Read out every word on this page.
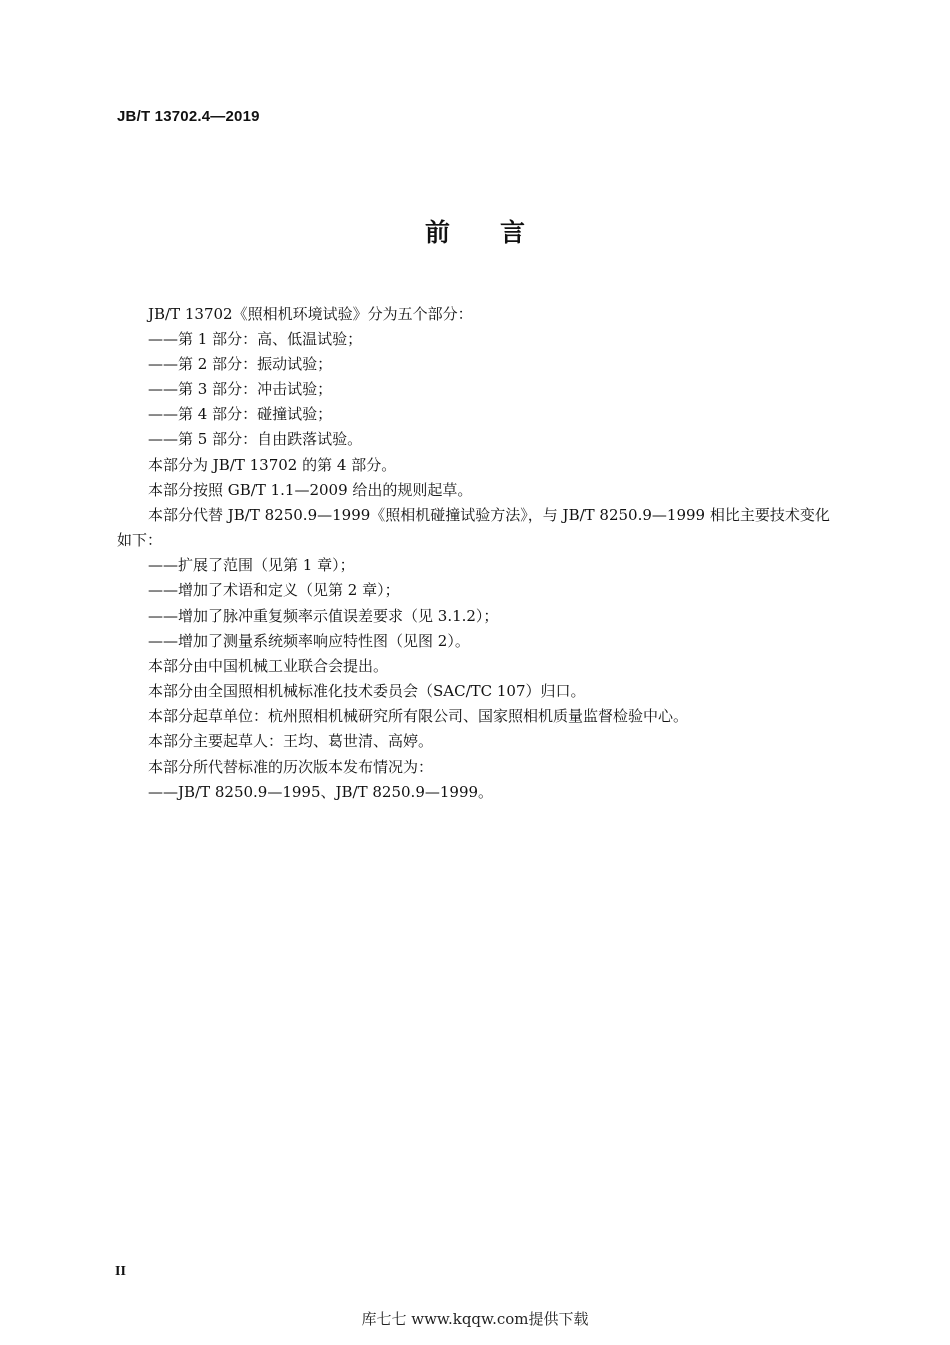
JB/T 13702.4—2019
前 言
JB/T 13702《照相机环境试验》分为五个部分：
——第 1 部分：高、低温试验；
——第 2 部分：振动试验；
——第 3 部分：冲击试验；
——第 4 部分：碰撞试验；
——第 5 部分：自由跌落试验。
本部分为 JB/T 13702 的第 4 部分。
本部分按照 GB/T 1.1—2009 给出的规则起草。
本部分代替 JB/T 8250.9—1999《照相机碰撞试验方法》，与 JB/T 8250.9—1999 相比主要技术变化
如下：
——扩展了范围（见第 1 章）；
——增加了术语和定义（见第 2 章）；
——增加了脉冲重复频率示值误差要求（见 3.1.2）；
——增加了测量系统频率响应特性图（见图 2）。
本部分由中国机械工业联合会提出。
本部分由全国照相机械标准化技术委员会（SAC/TC 107）归口。
本部分起草单位：杭州照相机械研究所有限公司、国家照相机质量监督检验中心。
本部分主要起草人：王均、葛世清、高婷。
本部分所代替标准的历次版本发布情况为：
——JB/T 8250.9—1995、JB/T 8250.9—1999。
II
库七七 www.kqqw.com提供下载
